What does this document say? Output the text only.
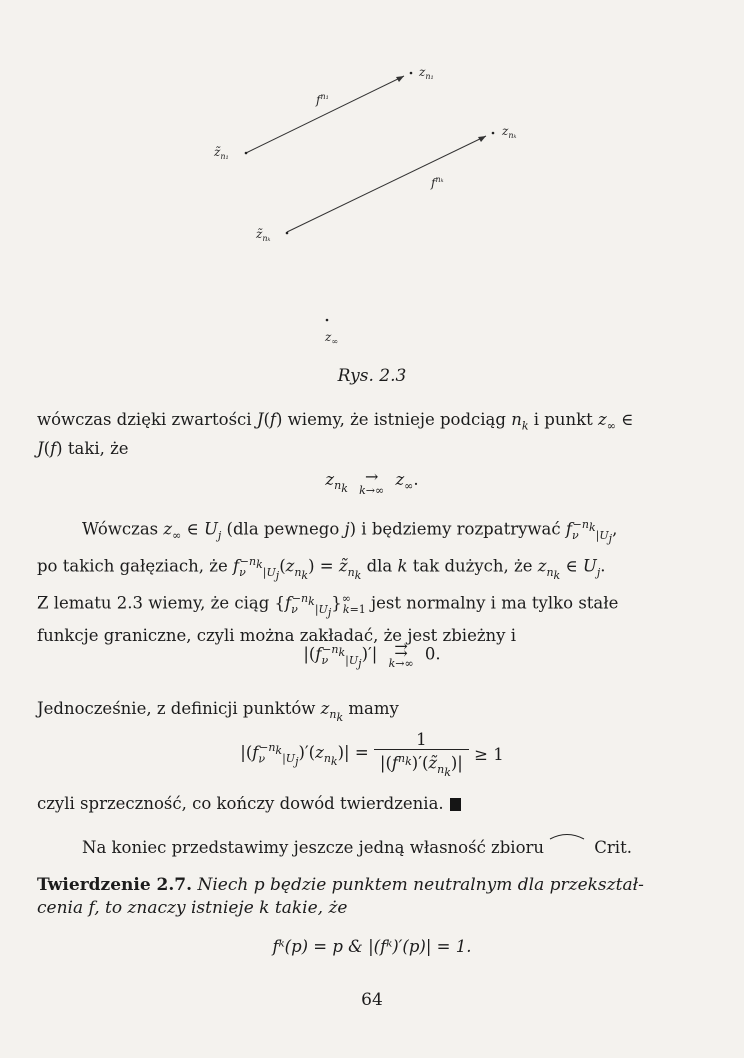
$z_{n_1}$
$f^{n_1}$
$z̃_{n_1}$
$z_{n_k}$
$f^{n_k}$
$z̃_{n_k}$
$z_\infty$
Rys. 2.3
wówczas dzięki zwartości J(f) wiemy, że istnieje podciąg $n_k$ i punkt $z_\infty$ ∈
J(f) taki, że
$z_{n_k}$
→
k→∞
$z_\infty$.
Wówczas $z_\infty$ ∈ $U_j$ (dla pewnego j) i będziemy rozpatrywać $f_\nu^{-n_k}_{|U_j}$,
po takich gałęziach, że $f_\nu^{-n_k}_{|U_j}(z_{n_k})$ = $z̃_{n_k}$ dla k tak dużych, że $z_{n_k}$ ∈ $U_j$.
Z lematu 2.3 wiemy, że ciąg $\{f_\nu^{-n_k}_{|U_j}\}^\infty_{k=1}$ jest normalny i ma tylko stałe
funkcje graniczne, czyli można zakładać, że jest zbieżny i
$|(f_\nu^{-n_k}_{|U_j})'|$	⇉
k→∞ 0.
Jednocześnie, z definicji punktów $z_{n_k}$ mamy
$|(f_\nu^{-n_k}_{|U_j})'(z_{n_k})| = \frac{1}{|(f^{n_k})'(z̃_{n_k})|} \ge 1$
czyli sprzeczność, co kończy dowód twierdzenia.
Na koniec przedstawimy jeszcze jedną własność zbioru	Crit
.
Twierdzenie 2.7. Niech p będzie punktem neutralnym dla przekształ-
cenia f, to znaczy istnieje k takie, że
fᵏ(p) = p & |(fᵏ)′(p)| = 1.
64
